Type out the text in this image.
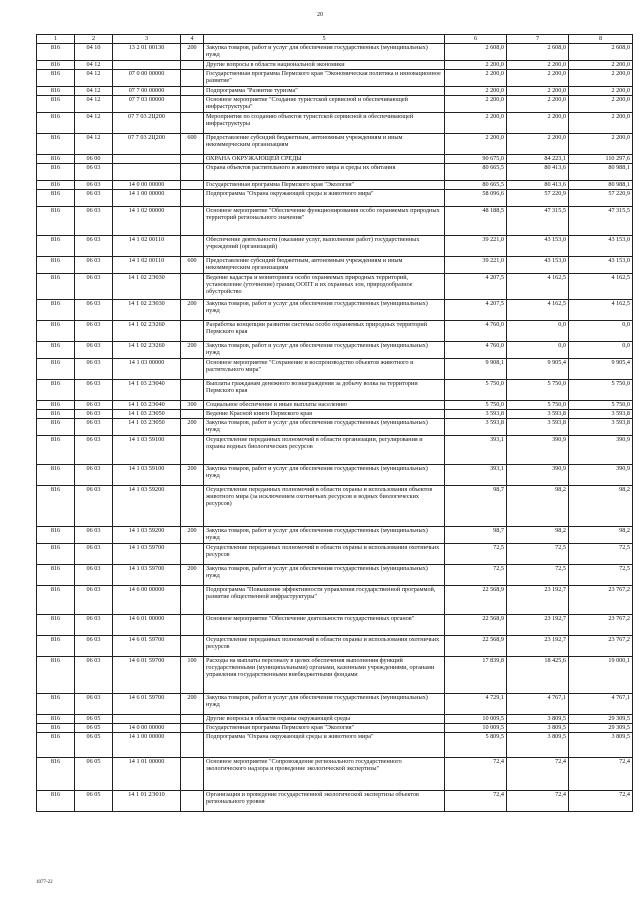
20
1	2	3	4	5	6	7	8
816	04 10	13 2 01 00130	200	Закупка товаров, работ и услуг для обеспечения государственных (муниципальных) нужд	2 608,0	2 608,0	2 608,0
816	04 12			Другие вопросы в области национальной экономики	2 200,0	2 200,0	2 200,0
816	04 12	07 0 00 00000		Государственная программа Пермского края "Экономическая политика и инновационное развитие"	2 200,0	2 200,0	2 200,0
816	04 12	07 7 00 00000		Подпрограмма "Развитие туризма"	2 200,0	2 200,0	2 200,0
816	04 12	07 7 03 00000		Основное мероприятие "Создание туристской сервисной и обеспечивающей инфраструктуры"	2 200,0	2 200,0	2 200,0
816	04 12	07 7 03 2Ц200		Мероприятия по созданию объектов туристской сервисной и обеспечивающей инфраструктуры	2 200,0	2 200,0	2 200,0
816	04 12	07 7 03 2Ц200	600	Предоставление субсидий бюджетным, автономным учреждениям и иным некоммерческим организациям	2 200,0	2 200,0	2 200,0
816	06 00			ОХРАНА ОКРУЖАЮЩЕЙ СРЕДЫ	90 675,0	84 223,1	110 297,6
816	06 03			Охрана объектов растительного и животного мира и среды их обитания	80 665,5	80 413,6	80 988,1
816	06 03	14 0 00 00000		Государственная программа Пермского края "Экология"	80 665,5	80 413,6	80 988,1
816	06 03	14 1 00 00000		Подпрограмма "Охрана окружающей среды и животного мира"	58 096,6	57 220,9	57 220,9
816	06 03	14 1 02 00000		Основное мероприятие "Обеспечение функционирования особо охраняемых природных территорий регионального значения"	48 188,5	47 315,5	47 315,5
816	06 03	14 1 02 00110		Обеспечение деятельности (оказание услуг, выполнение работ) государственных учреждений (организаций)	39 221,0	43 153,0	43 153,0
816	06 03	14 1 02 00110	600	Предоставление субсидий бюджетным, автономным учреждениям и иным некоммерческим организациям	39 221,0	43 153,0	43 153,0
816	06 03	14 1 02 2Э030		Ведение кадастра и мониторинга особо охраняемых природных территорий, установление (уточнение) границ ООПТ и их охранных зон, природообразное обустройство	4 207,5	4 162,5	4 162,5
816	06 03	14 1 02 2Э030	200	Закупка товаров, работ и услуг для обеспечения государственных (муниципальных) нужд	4 207,5	4 162,5	4 162,5
816	06 03	14 1 02 2Э260		Разработка концепции развития системы особо охраняемых природных территорий Пермского края	4 760,0	0,0	0,0
816	06 03	14 1 02 2Э260	200	Закупка товаров, работ и услуг для обеспечения государственных (муниципальных) нужд	4 760,0	0,0	0,0
816	06 03	14 1 03 00000		Основное мероприятие "Сохранение и воспроизводство объектов животного и растительного мира"	9 908,1	9 905,4	9 905,4
816	06 03	14 1 03 2Э040		Выплаты гражданам денежного вознаграждения за добычу волка на территории Пермского края	5 750,0	5 750,0	5 750,0
816	06 03	14 1 03 2Э040	300	Социальное обеспечение и иные выплаты населению	5 750,0	5 750,0	5 750,0
816	06 03	14 1 03 2Э050		Ведение Красной книги Пермского края	3 593,8	3 593,8	3 593,8
816	06 03	14 1 03 2Э050	200	Закупка товаров, работ и услуг для обеспечения государственных (муниципальных) нужд	3 593,8	3 593,8	3 593,8
816	06 03	14 1 03 59100		Осуществление переданных полномочий в области организации, регулирования и охраны водных биологических ресурсов	393,1	390,9	390,9
816	06 03	14 1 03 59100	200	Закупка товаров, работ и услуг для обеспечения государственных (муниципальных) нужд	393,1	390,9	390,9
816	06 03	14 1 03 59200		Осуществление переданных полномочий в области охраны и использования объектов животного мира (за исключением охотничьих ресурсов и водных биологических ресурсов)	98,7	98,2	98,2
816	06 03	14 1 03 59200	200	Закупка товаров, работ и услуг для обеспечения государственных (муниципальных) нужд	98,7	98,2	98,2
816	06 03	14 1 03 59700		Осуществление переданных полномочий в области охраны и использования охотничьих ресурсов	72,5	72,5	72,5
816	06 03	14 1 03 59700	200	Закупка товаров, работ и услуг для обеспечения государственных (муниципальных) нужд	72,5	72,5	72,5
816	06 03	14 6 00 00000		Подпрограмма "Повышение эффективности управления государственной программой, развитие общественной инфраструктуры"	22 568,9	23 192,7	23 767,2
816	06 03	14 6 01 00000		Основное мероприятие "Обеспечение деятельности государственных органов"	22 568,9	23 192,7	23 767,2
816	06 03	14 6 01 59700		Осуществление переданных полномочий в области охраны и использования охотничьих ресурсов	22 568,9	23 192,7	23 767,2
816	06 03	14 6 01 59700	100	Расходы на выплаты персоналу в целях обеспечения выполнения функций государственными (муниципальными) органами, казенными учреждениями, органами управления государственными внебюджетными фондами	17 839,8	18 425,6	19 000,1
816	06 03	14 6 01 59700	200	Закупка товаров, работ и услуг для обеспечения государственных (муниципальных) нужд	4 729,1	4 767,1	4 767,1
816	06 05			Другие вопросы в области охраны окружающей среды	10 009,5	3 809,5	29 309,5
816	06 05	14 0 00 00000		Государственная программа Пермского края "Экология"	10 009,5	3 809,5	29 309,5
816	06 05	14 1 00 00000		Подпрограмма "Охрана окружающей среды и животного мира"	5 809,5	3 809,5	3 809,5
816	06 05	14 1 01 00000		Основное мероприятие "Сопровождение регионального государственного экологического надзора и проведение экологической экспертизы"	72,4	72,4	72,4
816	06 05	14 1 01 2Э010		Организация и проведение государственной экологической экспертизы объектов регионального уровня	72,4	72,4	72,4
1077-22
